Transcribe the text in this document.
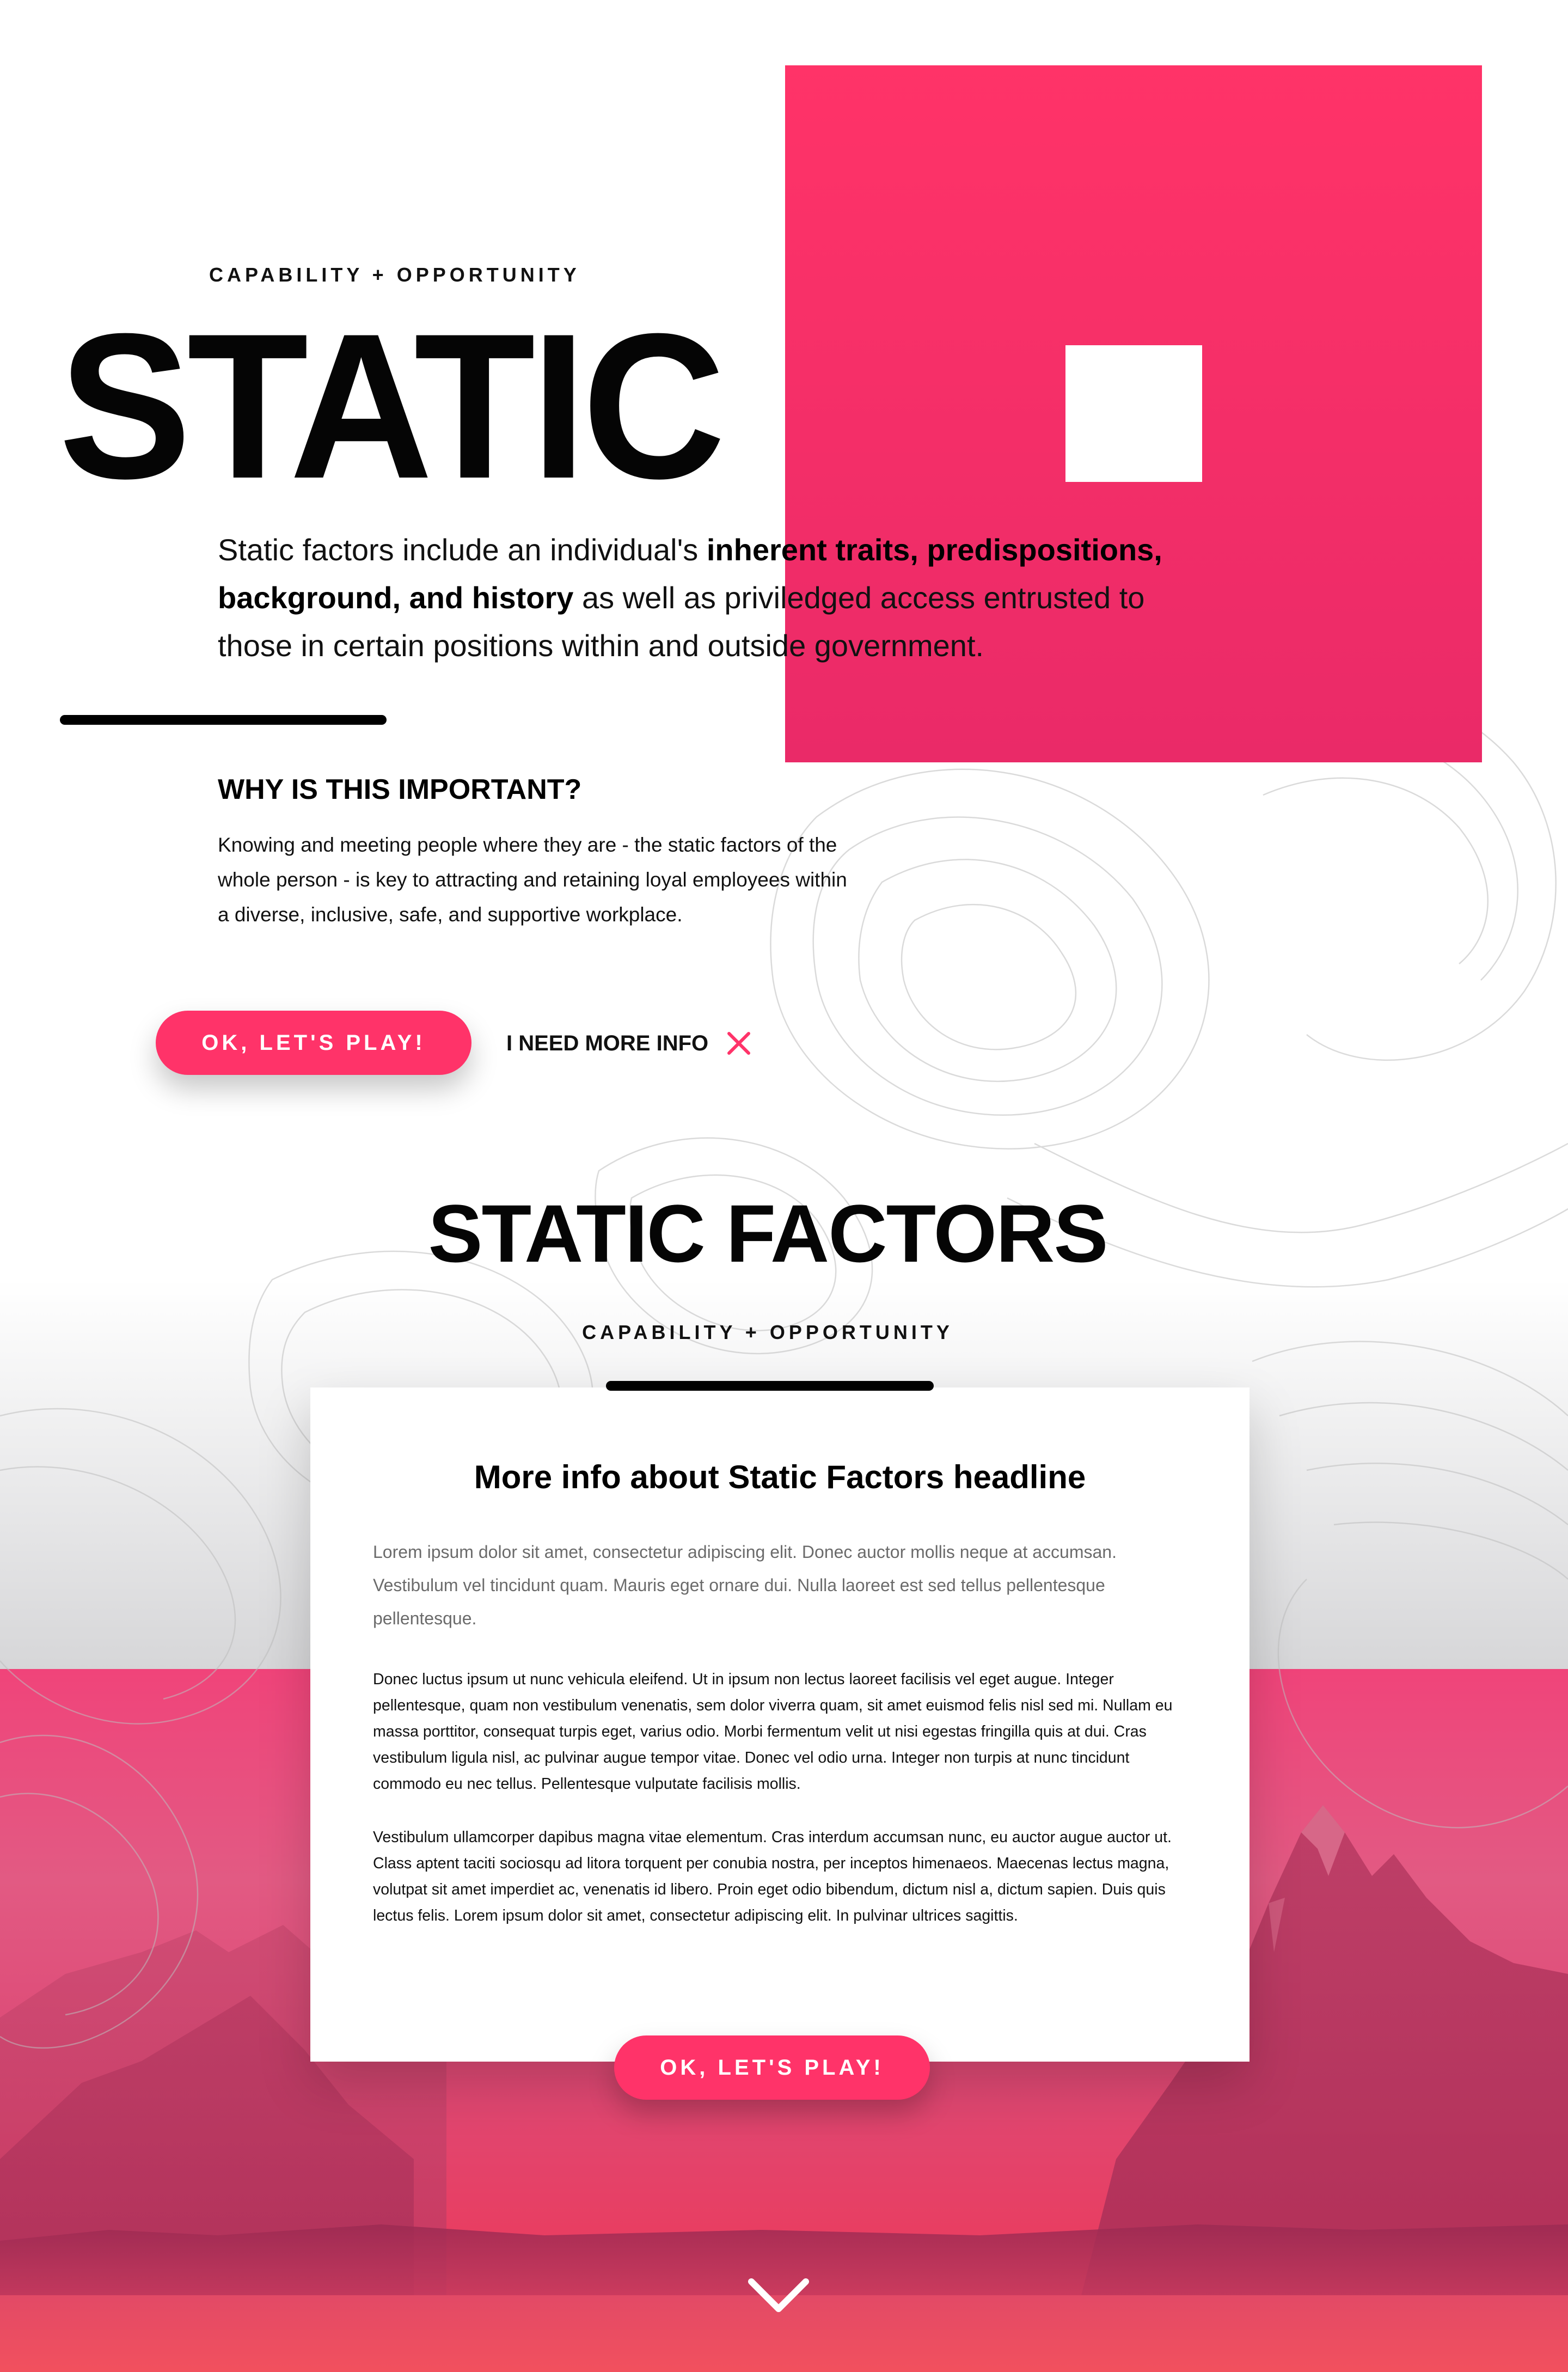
CAPABILITY + OPPORTUNITY
STATIC

Static factors include an individual's inherent traits, predispositions, background, and history as well as priviledged access entrusted to those in certain positions within and outside government.

WHY IS THIS IMPORTANT?

Knowing and meeting people where they are - the static factors of the whole person - is key to attracting and retaining loyal employees within a diverse, inclusive, safe, and supportive workplace.

OK, LET'S PLAY!	I NEED MORE INFO
STATIC FACTORS
CAPABILITY + OPPORTUNITY
More info about Static Factors headline

Lorem ipsum dolor sit amet, consectetur adipiscing elit. Donec auctor mollis neque at accumsan. Vestibulum vel tincidunt quam. Mauris eget ornare dui. Nulla laoreet est sed tellus pellentesque pellentesque.

Donec luctus ipsum ut nunc vehicula eleifend. Ut in ipsum non lectus laoreet facilisis vel eget augue. Integer pellentesque, quam non vestibulum venenatis, sem dolor viverra quam, sit amet euismod felis nisl sed mi. Nullam eu massa porttitor, consequat turpis eget, varius odio. Morbi fermentum velit ut nisi egestas fringilla quis at dui. Cras vestibulum ligula nisl, ac pulvinar augue tempor vitae. Donec vel odio urna. Integer non turpis at nunc tincidunt commodo eu nec tellus. Pellentesque vulputate facilisis mollis.

Vestibulum ullamcorper dapibus magna vitae elementum. Cras interdum accumsan nunc, eu auctor augue auctor ut. Class aptent taciti sociosqu ad litora torquent per conubia nostra, per inceptos himenaeos. Maecenas lectus magna, volutpat sit amet imperdiet ac, venenatis id libero. Proin eget odio bibendum, dictum nisl a, dictum sapien. Duis quis lectus felis. Lorem ipsum dolor sit amet, consectetur adipiscing elit. In pulvinar ultrices sagittis.

OK, LET'S PLAY!
